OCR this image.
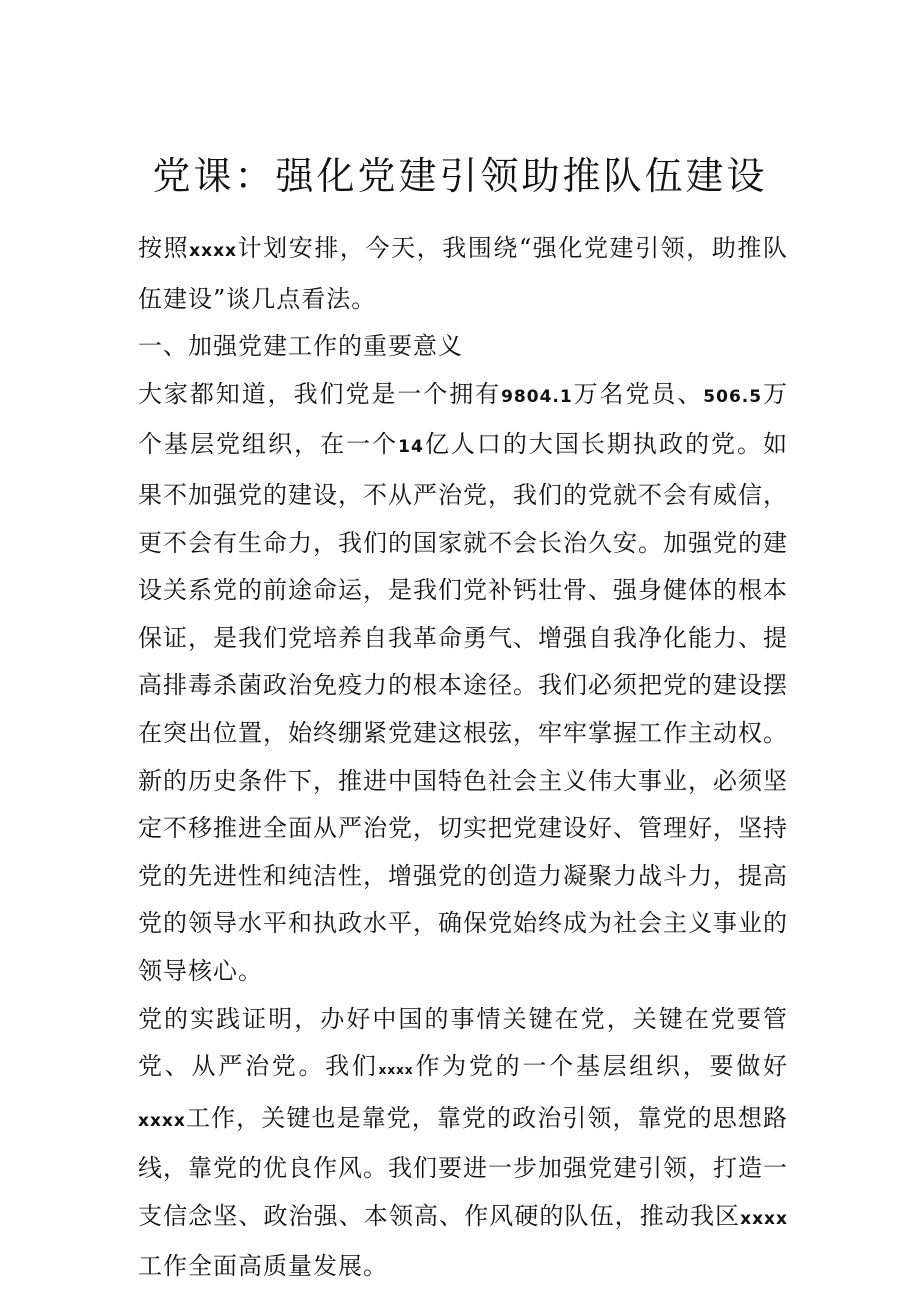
党课：强化党建引领助推队伍建设

按照xxxx计划安排，今天，我围绕“强化党建引领，助推队伍建设”谈几点看法。

一、加强党建工作的重要意义

大家都知道，我们党是一个拥有9804.1万名党员、506.5万个基层党组织，在一个14亿人口的大国长期执政的党。如果不加强党的建设，不从严治党，我们的党就不会有威信，更不会有生命力，我们的国家就不会长治久安。加强党的建设关系党的前途命运，是我们党补钙壮骨、强身健体的根本保证，是我们党培养自我革命勇气、增强自我净化能力、提高排毒杀菌政治免疫力的根本途径。我们必须把党的建设摆在突出位置，始终绷紧党建这根弦，牢牢掌握工作主动权。新的历史条件下，推进中国特色社会主义伟大事业，必须坚定不移推进全面从严治党，切实把党建设好、管理好，坚持党的先进性和纯洁性，增强党的创造力凝聚力战斗力，提高党的领导水平和执政水平，确保党始终成为社会主义事业的领导核心。

党的实践证明，办好中国的事情关键在党，关键在党要管党、从严治党。我们xxxx作为党的一个基层组织，要做好xxxx工作，关键也是靠党，靠党的政治引领，靠党的思想路线，靠党的优良作风。我们要进一步加强党建引领，打造一支信念坚、政治强、本领高、作风硬的队伍，推动我区xxxx工作全面高质量发展。
